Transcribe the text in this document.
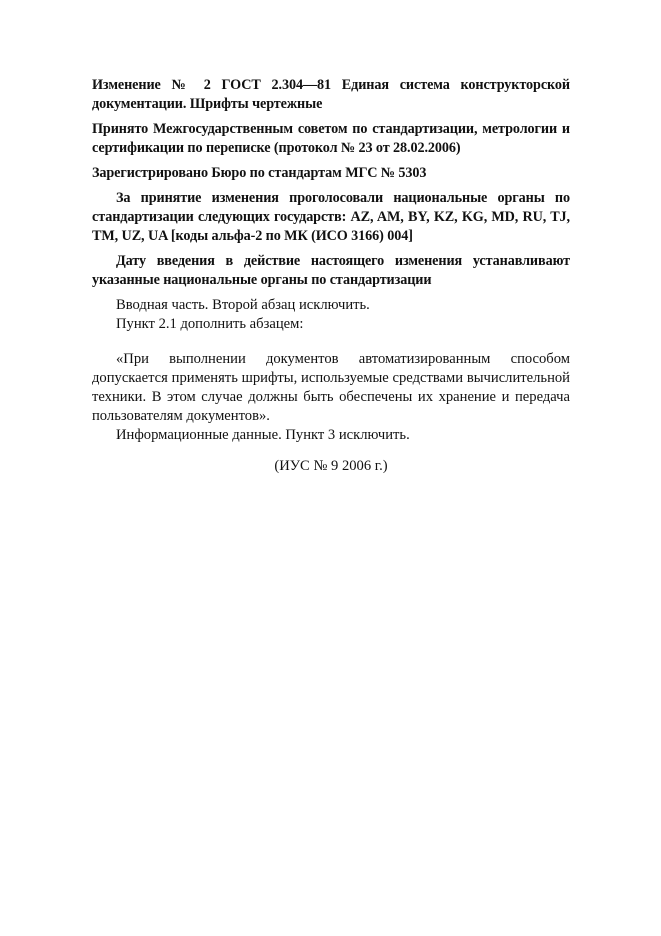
Изменение № 2 ГОСТ 2.304—81 Единая система конструкторской документации. Шрифты чертежные

Принято Межгосударственным советом по стандартизации, метрологии и сертификации по переписке (протокол № 23 от 28.02.2006)

Зарегистрировано Бюро по стандартам МГС № 5303

За принятие изменения проголосовали национальные органы по стандартизации следующих государств: AZ, AM, BY, KZ, KG, MD, RU, TJ, TM, UZ, UA [коды альфа-2 по МК (ИСО 3166) 004]

Дату введения в действие настоящего изменения устанавливают указанные национальные органы по стандартизации

Вводная часть. Второй абзац исключить.

Пункт 2.1 дополнить абзацем:

«При выполнении документов автоматизированным способом допускается применять шрифты, используемые средствами вычислительной техники. В этом случае должны быть обеспечены их хранение и передача пользователям документов».

Информационные данные. Пункт 3 исключить.

(ИУС № 9 2006 г.)
